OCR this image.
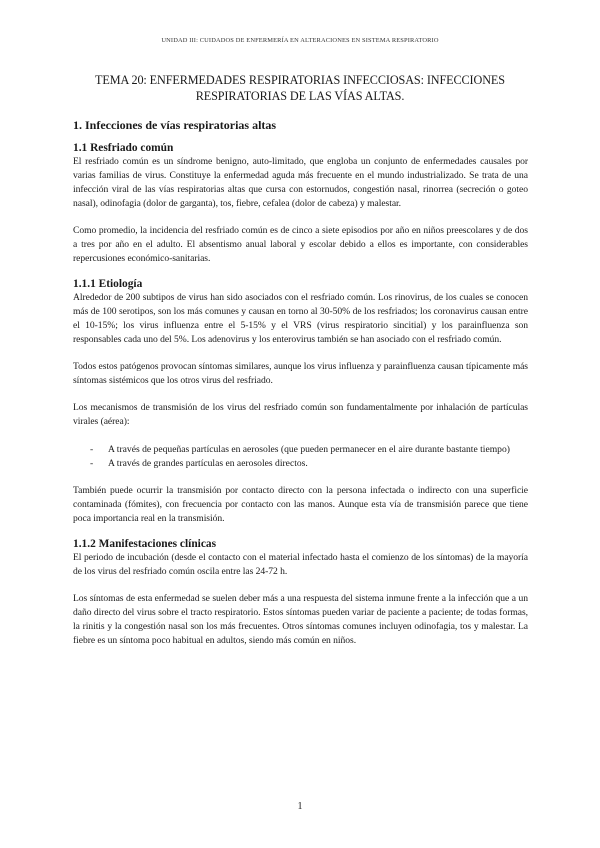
UNIDAD III: CUIDADOS DE ENFERMERÍA EN ALTERACIONES EN SISTEMA RESPIRATORIO
TEMA 20: ENFERMEDADES RESPIRATORIAS INFECCIOSAS: INFECCIONES RESPIRATORIAS DE LAS VÍAS ALTAS.
1. Infecciones de vías respiratorias altas
1.1 Resfriado común

El resfriado común es un síndrome benigno, auto-limitado, que engloba un conjunto de enfermedades causales por varias familias de virus. Constituye la enfermedad aguda más frecuente en el mundo industrializado. Se trata de una infección viral de las vías respiratorias altas que cursa con estornudos, congestión nasal, rinorrea (secreción o goteo nasal), odinofagia (dolor de garganta), tos, fiebre, cefalea (dolor de cabeza) y malestar.

Como promedio, la incidencia del resfriado común es de cinco a siete episodios por año en niños preescolares y de dos a tres por año en el adulto. El absentismo anual laboral y escolar debido a ellos es importante, con considerables repercusiones económico-sanitarias.

1.1.1 Etiología

Alrededor de 200 subtipos de virus han sido asociados con el resfriado común. Los rinovirus, de los cuales se conocen más de 100 serotipos, son los más comunes y causan en torno al 30-50% de los resfriados; los coronavirus causan entre el 10-15%; los virus influenza entre el 5-15% y el VRS (virus respiratorio sincitial) y los parainfluenza son responsables cada uno del 5%. Los adenovirus y los enterovirus también se han asociado con el resfriado común.

Todos estos patógenos provocan síntomas similares, aunque los virus influenza y parainfluenza causan típicamente más síntomas sistémicos que los otros virus del resfriado.

Los mecanismos de transmisión de los virus del resfriado común son fundamentalmente por inhalación de partículas virales (aérea):

- A través de pequeñas partículas en aerosoles (que pueden permanecer en el aire durante bastante tiempo)
- A través de grandes partículas en aerosoles directos.

También puede ocurrir la transmisión por contacto directo con la persona infectada o indirecto con una superficie contaminada (fómites), con frecuencia por contacto con las manos. Aunque esta vía de transmisión parece que tiene poca importancia real en la transmisión.

1.1.2 Manifestaciones clínicas

El periodo de incubación (desde el contacto con el material infectado hasta el comienzo de los síntomas) de la mayoría de los virus del resfriado común oscila entre las 24-72 h.

Los síntomas de esta enfermedad se suelen deber más a una respuesta del sistema inmune frente a la infección que a un daño directo del virus sobre el tracto respiratorio. Estos síntomas pueden variar de paciente a paciente; de todas formas, la rinitis y la congestión nasal son los más frecuentes. Otros síntomas comunes incluyen odinofagia, tos y malestar. La fiebre es un síntoma poco habitual en adultos, siendo más común en niños.

1
